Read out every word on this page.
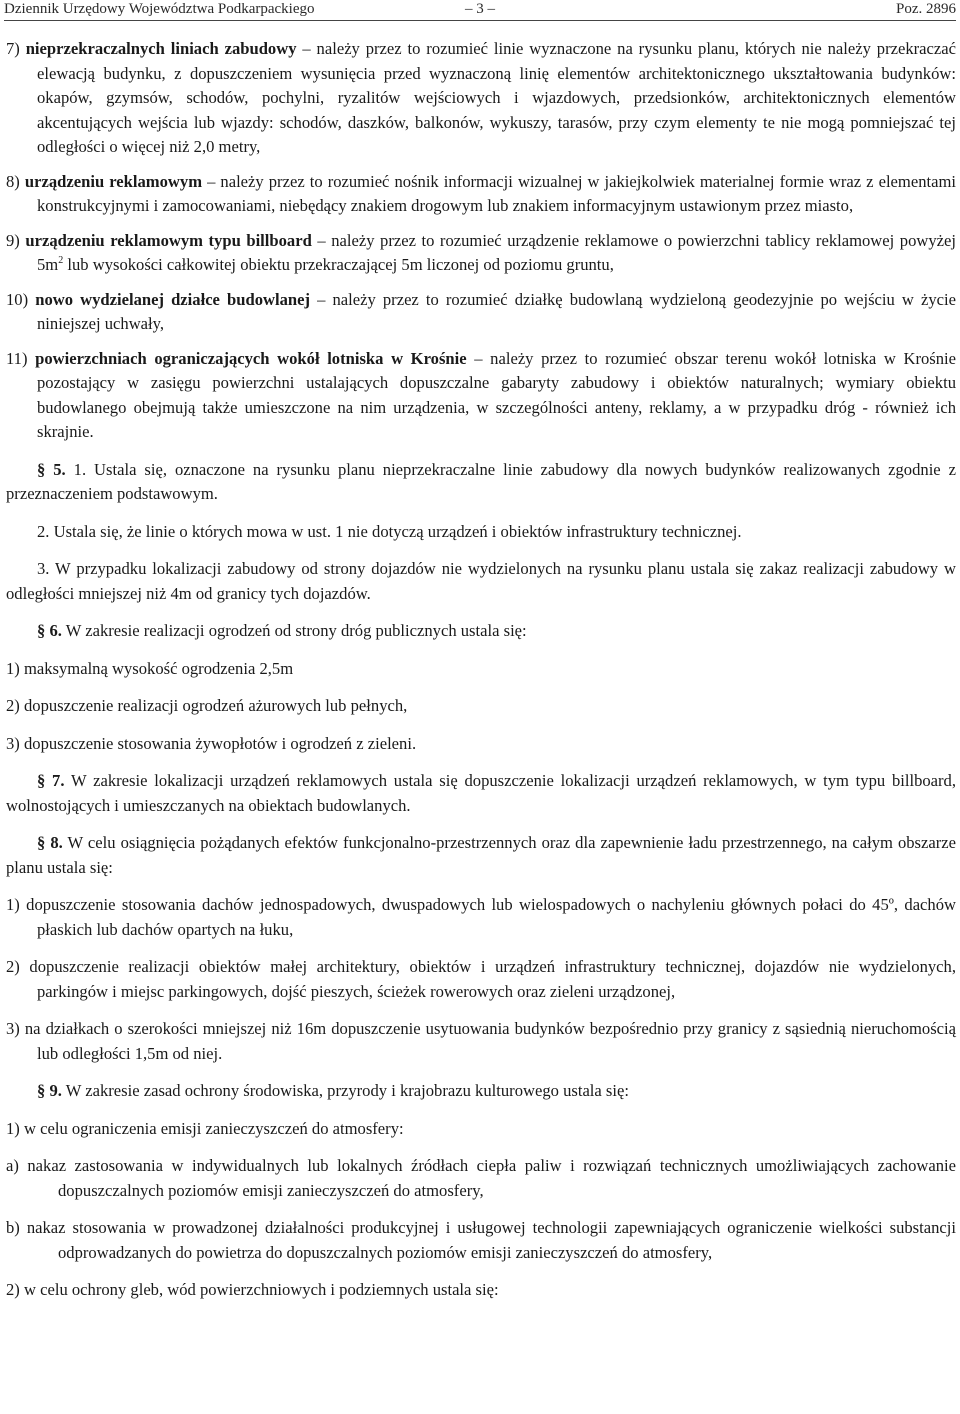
Dziennik Urzędowy Województwa Podkarpackiego	– 3 –	Poz. 2896

7) nieprzekraczalnych liniach zabudowy – należy przez to rozumieć linie wyznaczone na rysunku planu, których nie należy przekraczać elewacją budynku, z dopuszczeniem wysunięcia przed wyznaczoną linię elementów architektonicznego ukształtowania budynków: okapów, gzymsów, schodów, pochylni, ryzalitów wejściowych i wjazdowych, przedsionków, architektonicznych elementów akcentujących wejścia lub wjazdy: schodów, daszków, balkonów, wykuszy, tarasów, przy czym elementy te nie mogą pomniejszać tej odległości o więcej niż 2,0 metry,

8) urządzeniu reklamowym – należy przez to rozumieć nośnik informacji wizualnej w jakiejkolwiek materialnej formie wraz z elementami konstrukcyjnymi i zamocowaniami, niebędący znakiem drogowym lub znakiem informacyjnym ustawionym przez miasto,

9) urządzeniu reklamowym typu billboard – należy przez to rozumieć urządzenie reklamowe o powierzchni tablicy reklamowej powyżej $5m^2$ lub wysokości całkowitej obiektu przekraczającej 5m liczonej od poziomu gruntu,

10) nowo wydzielanej działce budowlanej – należy przez to rozumieć działkę budowlaną wydzieloną geodezyjnie po wejściu w życie niniejszej uchwały,

11) powierzchniach ograniczających wokół lotniska w Krośnie – należy przez to rozumieć obszar terenu wokół lotniska w Krośnie pozostający w zasięgu powierzchni ustalających dopuszczalne gabaryty zabudowy i obiektów naturalnych; wymiary obiektu budowlanego obejmują także umieszczone na nim urządzenia, w szczególności anteny, reklamy, a w przypadku dróg - również ich skrajnie.

§ 5. 1. Ustala się, oznaczone na rysunku planu nieprzekraczalne linie zabudowy dla nowych budynków realizowanych zgodnie z przeznaczeniem podstawowym.

2. Ustala się, że linie o których mowa w ust. 1 nie dotyczą urządzeń i obiektów infrastruktury technicznej.

3. W przypadku lokalizacji zabudowy od strony dojazdów nie wydzielonych na rysunku planu ustala się zakaz realizacji zabudowy w odległości mniejszej niż 4m od granicy tych dojazdów.

§ 6. W zakresie realizacji ogrodzeń od strony dróg publicznych ustala się:

1) maksymalną wysokość ogrodzenia 2,5m

2) dopuszczenie realizacji ogrodzeń ażurowych lub pełnych,

3) dopuszczenie stosowania żywopłotów i ogrodzeń z zieleni.

§ 7. W zakresie lokalizacji urządzeń reklamowych ustala się dopuszczenie lokalizacji urządzeń reklamowych, w tym typu billboard, wolnostojących i umieszczanych na obiektach budowlanych.

§ 8. W celu osiągnięcia pożądanych efektów funkcjonalno-przestrzennych oraz dla zapewnienie ładu przestrzennego, na całym obszarze planu ustala się:

1) dopuszczenie stosowania dachów jednospadowych, dwuspadowych lub wielospadowych o nachyleniu głównych połaci do 45º, dachów płaskich lub dachów opartych na łuku,

2) dopuszczenie realizacji obiektów małej architektury, obiektów i urządzeń infrastruktury technicznej, dojazdów nie wydzielonych, parkingów i miejsc parkingowych, dojść pieszych, ścieżek rowerowych oraz zieleni urządzonej,

3) na działkach o szerokości mniejszej niż 16m dopuszczenie usytuowania budynków bezpośrednio przy granicy z sąsiednią nieruchomością lub odległości 1,5m od niej.

§ 9. W zakresie zasad ochrony środowiska, przyrody i krajobrazu kulturowego ustala się:

1) w celu ograniczenia emisji zanieczyszczeń do atmosfery:

a) nakaz zastosowania w indywidualnych lub lokalnych źródłach ciepła paliw i rozwiązań technicznych umożliwiających zachowanie dopuszczalnych poziomów emisji zanieczyszczeń do atmosfery,

b) nakaz stosowania w prowadzonej działalności produkcyjnej i usługowej technologii zapewniających ograniczenie wielkości substancji odprowadzanych do powietrza do dopuszczalnych poziomów emisji zanieczyszczeń do atmosfery,

2) w celu ochrony gleb, wód powierzchniowych i podziemnych ustala się:
